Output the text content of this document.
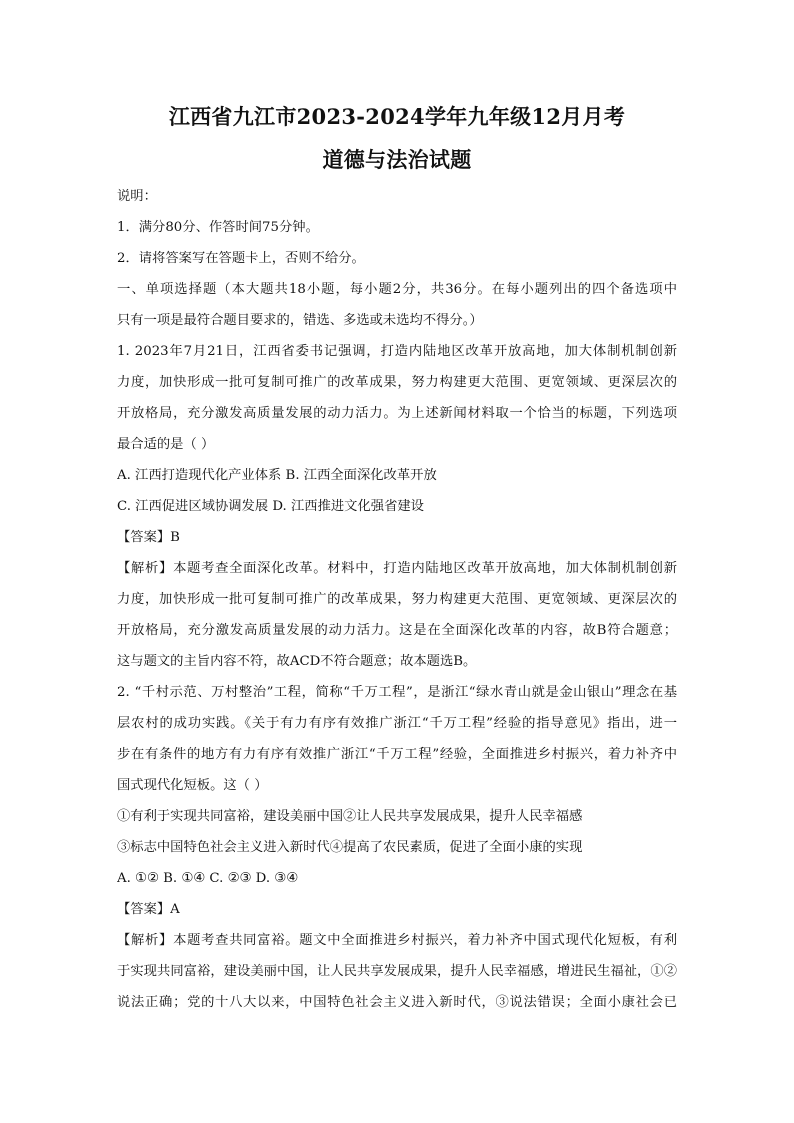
江西省九江市2023-2024学年九年级12月月考
道德与法治试题
说明：
1．满分80分、作答时间75分钟。
2．请将答案写在答题卡上，否则不给分。
一、单项选择题（本大题共18小题，每小题2分，共36分。在每小题列出的四个备选项中
只有一项是最符合题目要求的，错选、多选或未选均不得分。）
1. 2023年7月21日，江西省委书记强调，打造内陆地区改革开放高地，加大体制机制创新
力度，加快形成一批可复制可推广的改革成果，努力构建更大范围、更宽领域、更深层次的
开放格局，充分激发高质量发展的动力活力。为上述新闻材料取一个恰当的标题，下列选项
最合适的是（ ）
A. 江西打造现代化产业体系 B. 江西全面深化改革开放
C. 江西促进区域协调发展 D. 江西推进文化强省建设
【答案】B
【解析】本题考查全面深化改革。材料中，打造内陆地区改革开放高地，加大体制机制创新
力度，加快形成一批可复制可推广的改革成果，努力构建更大范围、更宽领域、更深层次的
开放格局，充分激发高质量发展的动力活力。这是在全面深化改革的内容，故B符合题意；
这与题文的主旨内容不符，故ACD不符合题意；故本题选B。
2. “千村示范、万村整治”工程，简称“千万工程”，是浙江“绿水青山就是金山银山”理念在基
层农村的成功实践。《关于有力有序有效推广浙江“千万工程”经验的指导意见》指出，进一
步在有条件的地方有力有序有效推广浙江“千万工程”经验，全面推进乡村振兴，着力补齐中
国式现代化短板。这（ ）
①有利于实现共同富裕，建设美丽中国②让人民共享发展成果，提升人民幸福感
③标志中国特色社会主义进入新时代④提高了农民素质，促进了全面小康的实现
A. ①② B. ①④ C. ②③ D. ③④
【答案】A
【解析】本题考查共同富裕。题文中全面推进乡村振兴，着力补齐中国式现代化短板，有利
于实现共同富裕，建设美丽中国，让人民共享发展成果，提升人民幸福感，增进民生福祉，①②
说法正确；党的十八大以来，中国特色社会主义进入新时代，③说法错误；全面小康社会已
